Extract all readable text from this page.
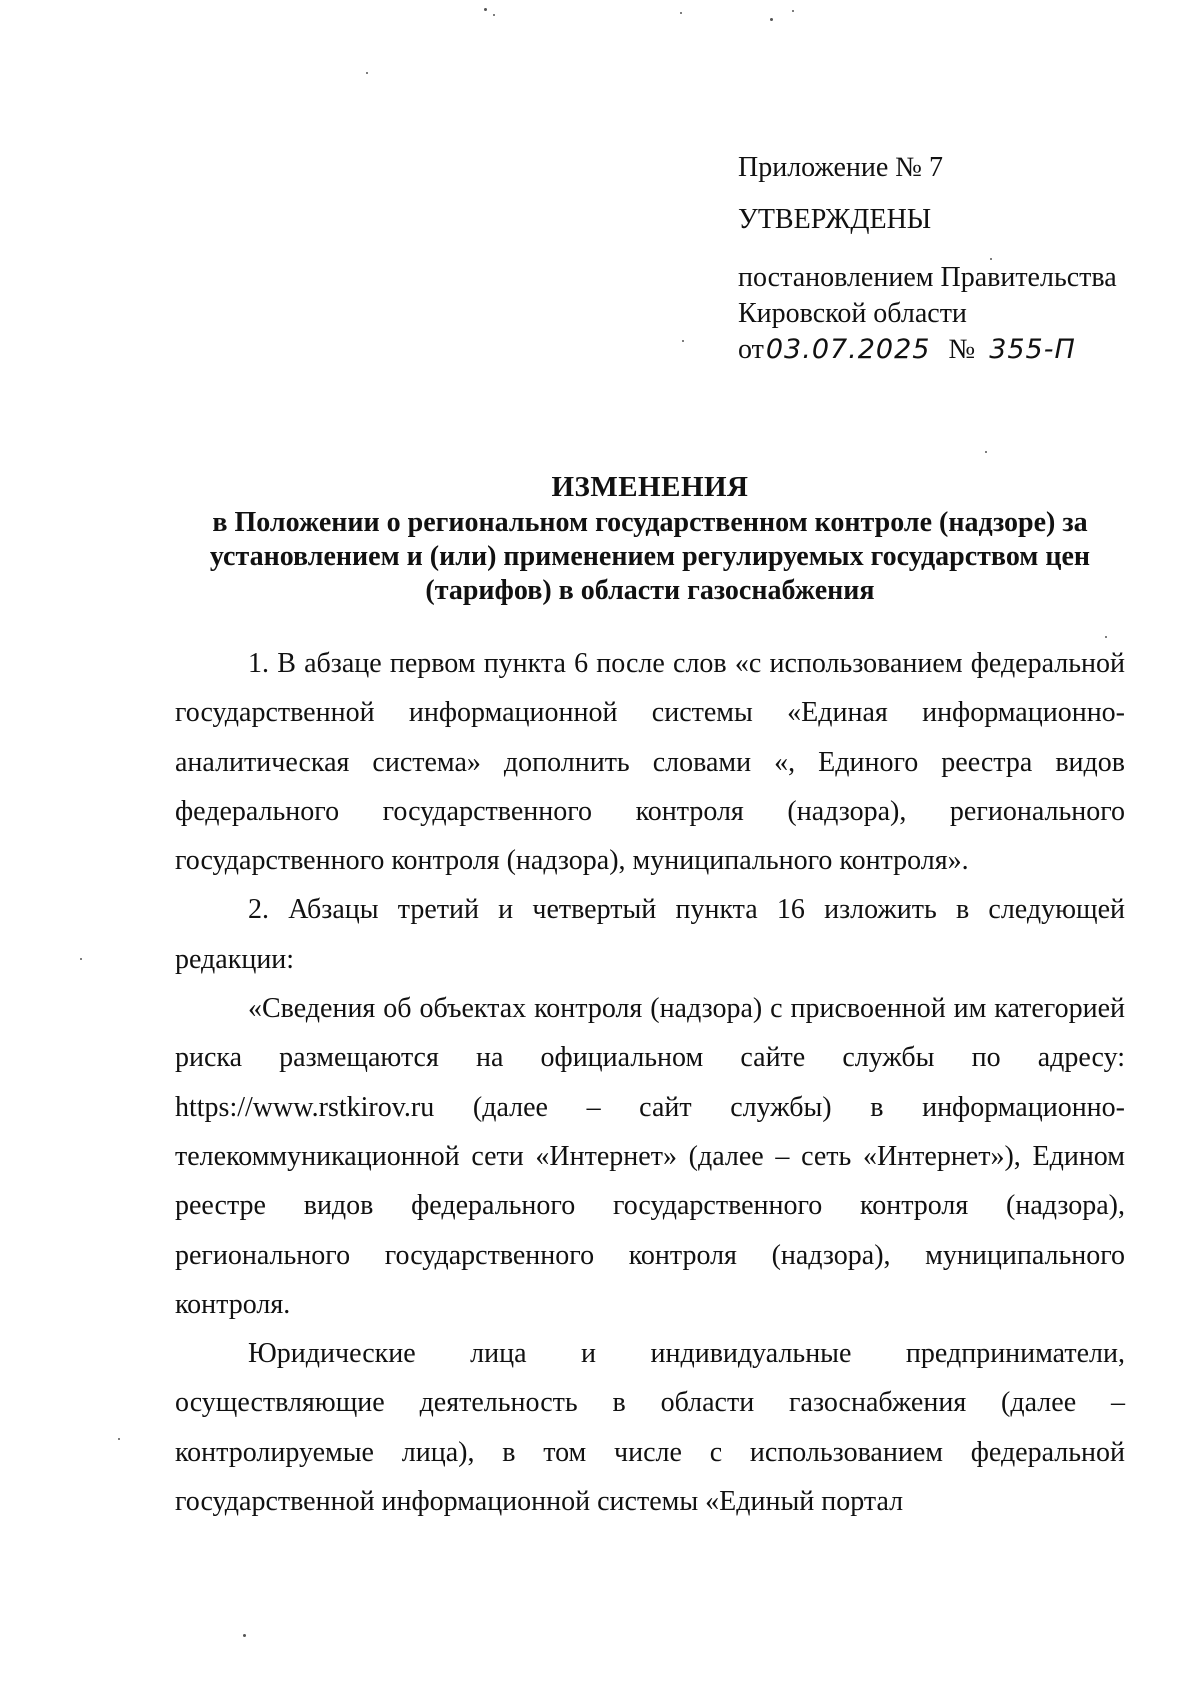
Приложение № 7
УТВЕРЖДЕНЫ
постановлением Правительства
Кировской области
от03.07.2025 № 355-П
ИЗМЕНЕНИЯ
в Положении о региональном государственном контроле (надзоре) за
установлением и (или) применением регулируемых государством цен
(тарифов) в области газоснабжения

1. В абзаце первом пункта 6 после слов «с использованием федеральной государственной информационной системы «Единая информационно-аналитическая система» дополнить словами «, Единого реестра видов федерального государственного контроля (надзора), регионального государственного контроля (надзора), муниципального контроля».

2. Абзацы третий и четвертый пункта 16 изложить в следующей редакции:

«Сведения об объектах контроля (надзора) с присвоенной им категорией риска размещаются на официальном сайте службы по адресу: https://www.rstkirov.ru (далее – сайт службы) в информационно-телекоммуникационной сети «Интернет» (далее – сеть «Интернет»), Едином реестре видов федерального государственного контроля (надзора), регионального государственного контроля (надзора), муниципального контроля.

Юридические лица и индивидуальные предприниматели, осуществляющие деятельность в области газоснабжения (далее – контролируемые лица), в том числе с использованием федеральной государственной информационной системы «Единый портал
